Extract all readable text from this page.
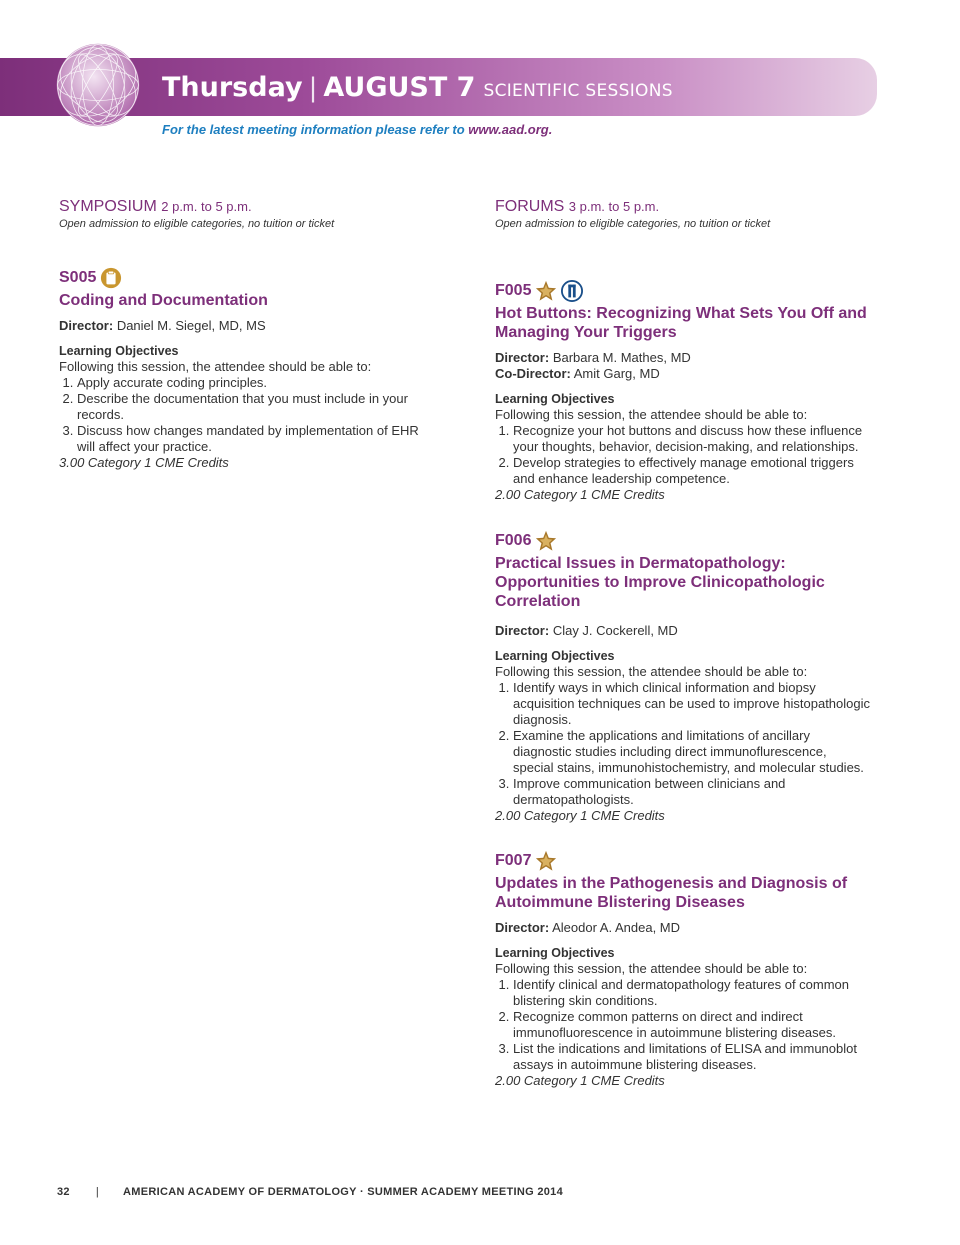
Thursday | AUGUST 7 SCIENTIFIC SESSIONS
For the latest meeting information please refer to www.aad.org.
SYMPOSIUM 2 p.m. to 5 p.m.
Open admission to eligible categories, no tuition or ticket
S005
Coding and Documentation
Director: Daniel M. Siegel, MD, MS
Learning Objectives
Following this session, the attendee should be able to:
1. Apply accurate coding principles.
2. Describe the documentation that you must include in your records.
3. Discuss how changes mandated by implementation of EHR will affect your practice.
3.00 Category 1 CME Credits
FORUMS 3 p.m. to 5 p.m.
Open admission to eligible categories, no tuition or ticket
F005
Hot Buttons: Recognizing What Sets You Off and Managing Your Triggers
Director: Barbara M. Mathes, MD
Co-Director: Amit Garg, MD
Learning Objectives
Following this session, the attendee should be able to:
1. Recognize your hot buttons and discuss how these influence your thoughts, behavior, decision-making, and relationships.
2. Develop strategies to effectively manage emotional triggers and enhance leadership competence.
2.00 Category 1 CME Credits
F006
Practical Issues in Dermatopathology: Opportunities to Improve Clinicopathologic Correlation
Director: Clay J. Cockerell, MD
Learning Objectives
Following this session, the attendee should be able to:
1. Identify ways in which clinical information and biopsy acquisition techniques can be used to improve histopathologic diagnosis.
2. Examine the applications and limitations of ancillary diagnostic studies including direct immunoflurescence, special stains, immunohistochemistry, and molecular studies.
3. Improve communication between clinicians and dermatopathologists.
2.00 Category 1 CME Credits
F007
Updates in the Pathogenesis and Diagnosis of Autoimmune Blistering Diseases
Director: Aleodor A. Andea, MD
Learning Objectives
Following this session, the attendee should be able to:
1. Identify clinical and dermatopathology features of common blistering skin conditions.
2. Recognize common patterns on direct and indirect immunofluorescence in autoimmune blistering diseases.
3. List the indications and limitations of ELISA and immunoblot assays in autoimmune blistering diseases.
2.00 Category 1 CME Credits
32 | AMERICAN ACADEMY OF DERMATOLOGY · SUMMER ACADEMY MEETING 2014
